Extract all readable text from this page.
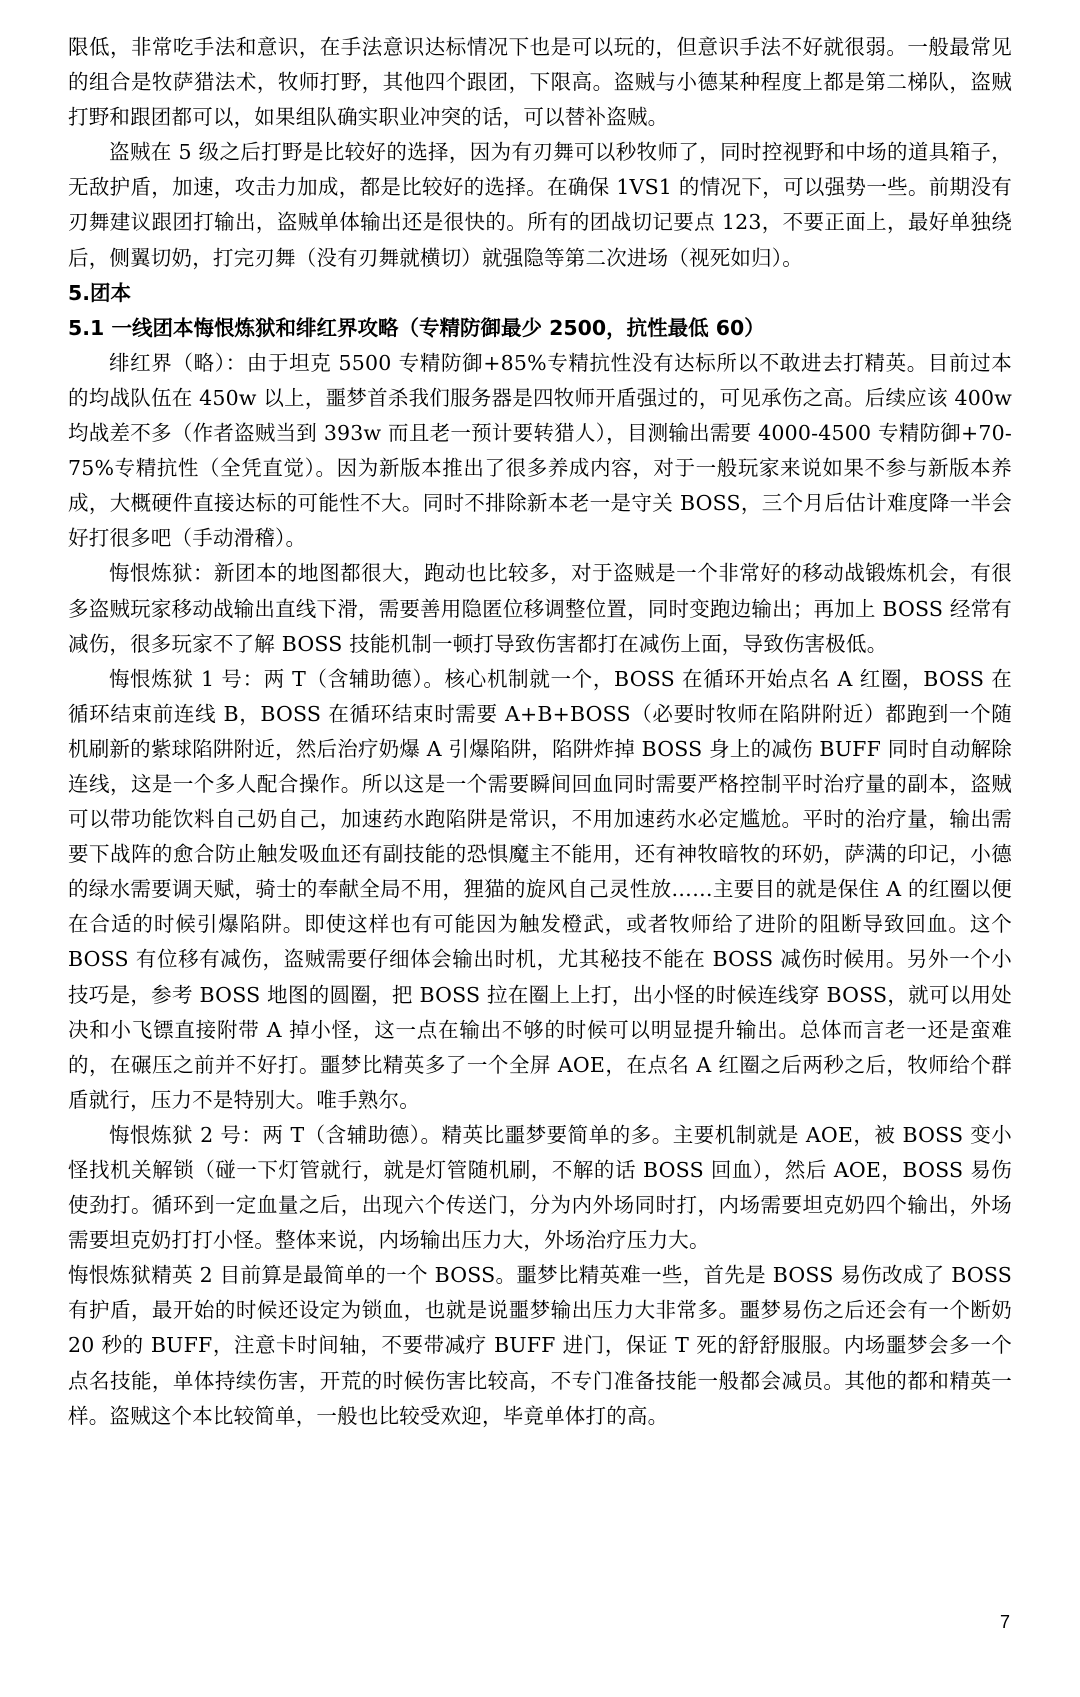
限低，非常吃手法和意识，在手法意识达标情况下也是可以玩的，但意识手法不好就很弱。一般最常见的组合是牧萨猎法术，牧师打野，其他四个跟团，下限高。盗贼与小德某种程度上都是第二梯队，盗贼打野和跟团都可以，如果组队确实职业冲突的话，可以替补盗贼。

盗贼在 5 级之后打野是比较好的选择，因为有刃舞可以秒牧师了，同时控视野和中场的道具箱子，无敌护盾，加速，攻击力加成，都是比较好的选择。在确保 1VS1 的情况下，可以强势一些。前期没有刃舞建议跟团打输出，盗贼单体输出还是很快的。所有的团战切记要点 123，不要正面上，最好单独绕后，侧翼切奶，打完刃舞（没有刃舞就横切）就强隐等第二次进场（视死如归）。

5.团本
5.1 一线团本悔恨炼狱和绯红界攻略（专精防御最少 2500，抗性最低 60）

绯红界（略）：由于坦克 5500 专精防御+85%专精抗性没有达标所以不敢进去打精英。目前过本的均战队伍在 450w 以上，噩梦首杀我们服务器是四牧师开盾强过的，可见承伤之高。后续应该 400w 均战差不多（作者盗贼当到 393w 而且老一预计要转猎人），目测输出需要 4000-4500 专精防御+70-75%专精抗性（全凭直觉）。因为新版本推出了很多养成内容，对于一般玩家来说如果不参与新版本养成，大概硬件直接达标的可能性不大。同时不排除新本老一是守关 BOSS，三个月后估计难度降一半会好打很多吧（手动滑稽）。

悔恨炼狱：新团本的地图都很大，跑动也比较多，对于盗贼是一个非常好的移动战锻炼机会，有很多盗贼玩家移动战输出直线下滑，需要善用隐匿位移调整位置，同时变跑边输出；再加上 BOSS 经常有减伤，很多玩家不了解 BOSS 技能机制一顿打导致伤害都打在减伤上面，导致伤害极低。

悔恨炼狱 1 号：两 T（含辅助德）。核心机制就一个，BOSS 在循环开始点名 A 红圈，BOSS 在循环结束前连线 B，BOSS 在循环结束时需要 A+B+BOSS（必要时牧师在陷阱附近）都跑到一个随机刷新的紫球陷阱附近，然后治疗奶爆 A 引爆陷阱，陷阱炸掉 BOSS 身上的减伤 BUFF 同时自动解除连线，这是一个多人配合操作。所以这是一个需要瞬间回血同时需要严格控制平时治疗量的副本，盗贼可以带功能饮料自己奶自己，加速药水跑陷阱是常识，不用加速药水必定尴尬。平时的治疗量，输出需要下战阵的愈合防止触发吸血还有副技能的恐惧魔主不能用，还有神牧暗牧的环奶，萨满的印记，小德的绿水需要调天赋，骑士的奉献全局不用，狸猫的旋风自己灵性放……主要目的就是保住 A 的红圈以便在合适的时候引爆陷阱。即使这样也有可能因为触发橙武，或者牧师给了进阶的阻断导致回血。这个 BOSS 有位移有减伤，盗贼需要仔细体会输出时机，尤其秘技不能在 BOSS 减伤时候用。另外一个小技巧是，参考 BOSS 地图的圆圈，把 BOSS 拉在圈上上打，出小怪的时候连线穿 BOSS，就可以用处决和小飞镖直接附带 A 掉小怪，这一点在输出不够的时候可以明显提升输出。总体而言老一还是蛮难的，在碾压之前并不好打。噩梦比精英多了一个全屏 AOE，在点名 A 红圈之后两秒之后，牧师给个群盾就行，压力不是特别大。唯手熟尔。

悔恨炼狱 2 号：两 T（含辅助德）。精英比噩梦要简单的多。主要机制就是 AOE，被 BOSS 变小怪找机关解锁（碰一下灯管就行，就是灯管随机刷，不解的话 BOSS 回血），然后 AOE，BOSS 易伤使劲打。循环到一定血量之后，出现六个传送门，分为内外场同时打，内场需要坦克奶四个输出，外场需要坦克奶打打小怪。整体来说，内场输出压力大，外场治疗压力大。

悔恨炼狱精英 2 目前算是最简单的一个 BOSS。噩梦比精英难一些，首先是 BOSS 易伤改成了 BOSS 有护盾，最开始的时候还设定为锁血，也就是说噩梦输出压力大非常多。噩梦易伤之后还会有一个断奶 20 秒的 BUFF，注意卡时间轴，不要带减疗 BUFF 进门，保证 T 死的舒舒服服。内场噩梦会多一个点名技能，单体持续伤害，开荒的时候伤害比较高，不专门准备技能一般都会减员。其他的都和精英一样。盗贼这个本比较简单，一般也比较受欢迎，毕竟单体打的高。

7
